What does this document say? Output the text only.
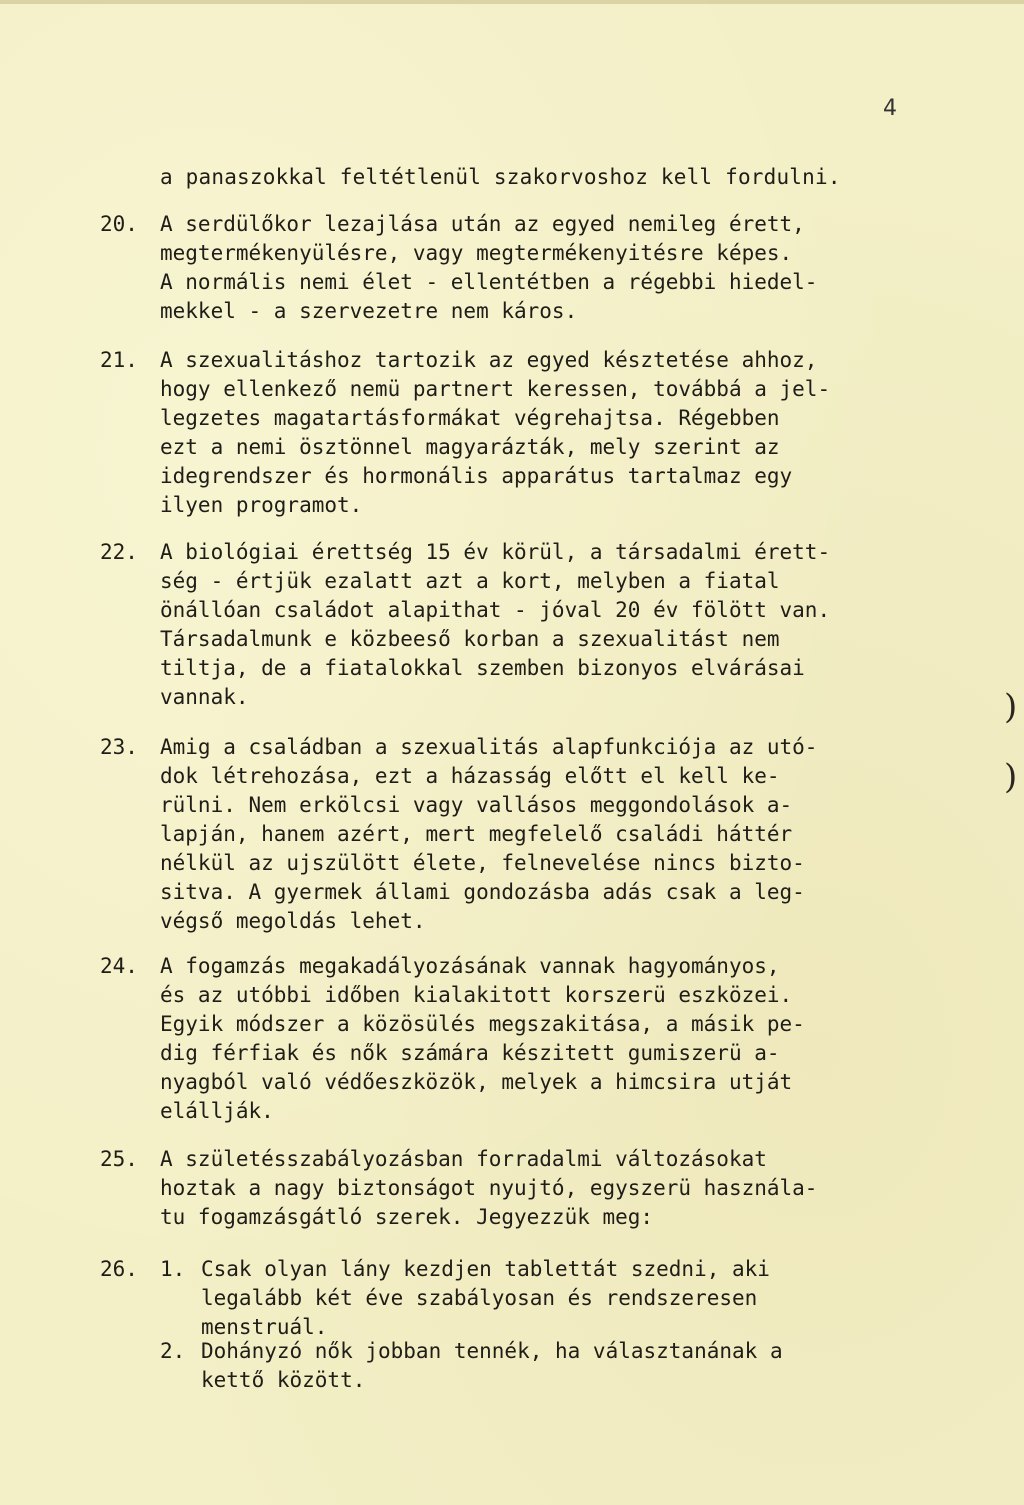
4
a panaszokkal feltétlenül szakorvoshoz kell fordulni.
20. A serdülőkor lezajlása után az egyed nemileg érett,
megtermékenyülésre, vagy megtermékenyitésre képes.
A normális nemi élet - ellentétben a régebbi hiedel-
mekkel - a szervezetre nem káros.
21. A szexualitáshoz tartozik az egyed késztetése ahhoz,
hogy ellenkező nemü partnert keressen, továbbá a jel-
legzetes magatartásformákat végrehajtsa. Régebben
ezt a nemi ösztönnel magyarázták, mely szerint az
idegrendszer és hormonális apparátus tartalmaz egy
ilyen programot.
22. A biológiai érettség 15 év körül, a társadalmi érett-
ség - értjük ezalatt azt a kort, melyben a fiatal
önállóan családot alapithat - jóval 20 év fölött van.
Társadalmunk e közbeeső korban a szexualitást nem
tiltja, de a fiatalokkal szemben bizonyos elvárásai
vannak.
23. Amig a családban a szexualitás alapfunkciója az utó-
dok létrehozása, ezt a házasság előtt el kell ke-
rülni. Nem erkölcsi vagy vallásos meggondolások a-
lapján, hanem azért, mert megfelelő családi háttér
nélkül az ujszülött élete, felnevelése nincs bizto-
sitva. A gyermek állami gondozásba adás csak a leg-
végső megoldás lehet.
24. A fogamzás megakadályozásának vannak hagyományos,
és az utóbbi időben kialakitott korszerü eszközei.
Egyik módszer a közösülés megszakitása, a másik pe-
dig férfiak és nők számára készitett gumiszerü a-
nyagból való védőeszközök, melyek a himcsira utját
elállják.
25. A születésszabályozásban forradalmi változásokat
hoztak a nagy biztonságot nyujtó, egyszerü használa-
tu fogamzásgátló szerek. Jegyezzük meg:
26. 1. Csak olyan lány kezdjen tablettát szedni, aki
legalább két éve szabályosan és rendszeresen
menstruál.
2. Dohányzó nők jobban tennék, ha választanának a
kettő között.
)
)
